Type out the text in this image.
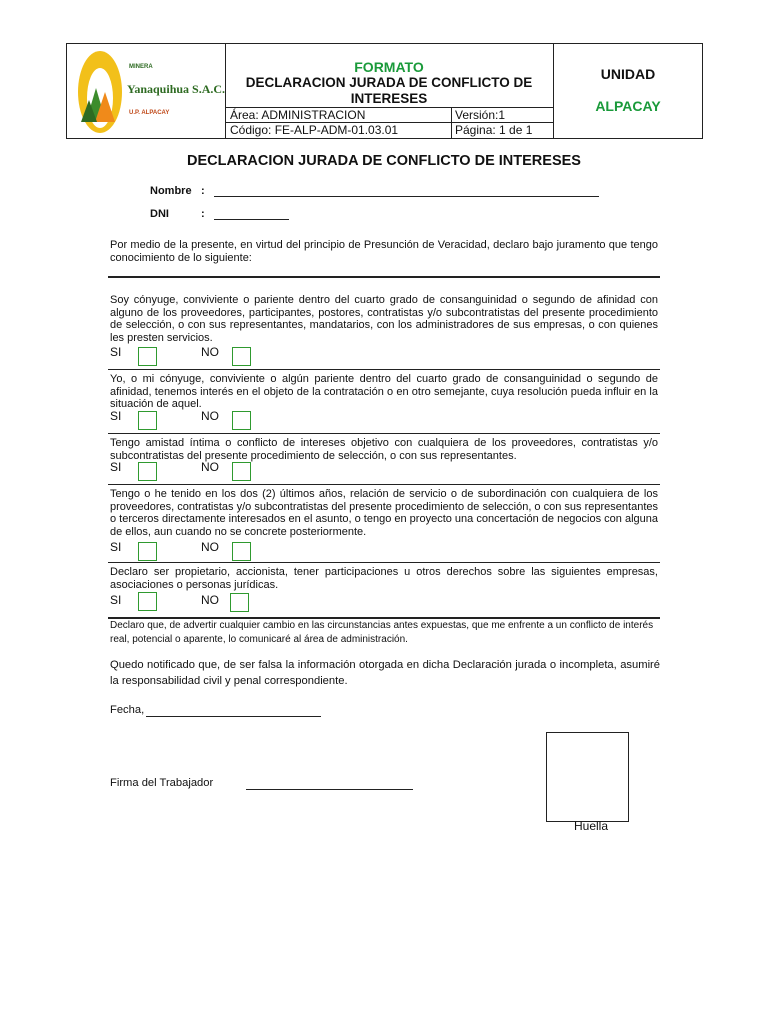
MINERA
Yanaquihua S.A.C.
U.P. ALPACAY
FORMATO
DECLARACION JURADA DE CONFLICTO DE
INTERESES
Área: ADMINISTRACION	Versión:1
Código: FE-ALP-ADM-01.03.01	Página: 1 de 1
UNIDAD
ALPACAY
DECLARACION JURADA DE CONFLICTO DE INTERESES
Nombre :
DNI	:
Por medio de la presente, en virtud del principio de Presunción de Veracidad, declaro bajo juramento que tengo conocimiento de lo siguiente:
Soy cónyuge, conviviente o pariente dentro del cuarto grado de consanguinidad o segundo de afinidad con alguno de los proveedores, participantes, postores, contratistas y/o subcontratistas del presente procedimiento de selección, o con sus representantes, mandatarios, con los administradores de sus empresas, o con quienes les presten servicios.
SI	NO
Yo, o mi cónyuge, conviviente o algún pariente dentro del cuarto grado de consanguinidad o segundo de afinidad, tenemos interés en el objeto de la contratación o en otro semejante, cuya resolución pueda influir en la situación de aquel.
SI	NO
Tengo amistad íntima o conflicto de intereses objetivo con cualquiera de los proveedores, contratistas y/o subcontratistas del presente procedimiento de selección, o con sus representantes.
SI	NO
Tengo o he tenido en los dos (2) últimos años, relación de servicio o de subordinación con cualquiera de los proveedores, contratistas y/o subcontratistas del presente procedimiento de selección, o con sus representantes o terceros directamente interesados en el asunto, o tengo en proyecto una concertación de negocios con alguna de ellos, aun cuando no se concrete posteriormente.
SI	NO
Declaro ser propietario, accionista, tener participaciones u otros derechos sobre las siguientes empresas, asociaciones o personas jurídicas.
SI	NO
Declaro que, de advertir cualquier cambio en las circunstancias antes expuestas, que me enfrente a un conflicto de interés real, potencial o aparente, lo comunicaré al área de administración.
Quedo notificado que, de ser falsa la información otorgada en dicha Declaración jurada o incompleta, asumiré la responsabilidad civil y penal correspondiente.
Fecha,
Firma del Trabajador
Huella
